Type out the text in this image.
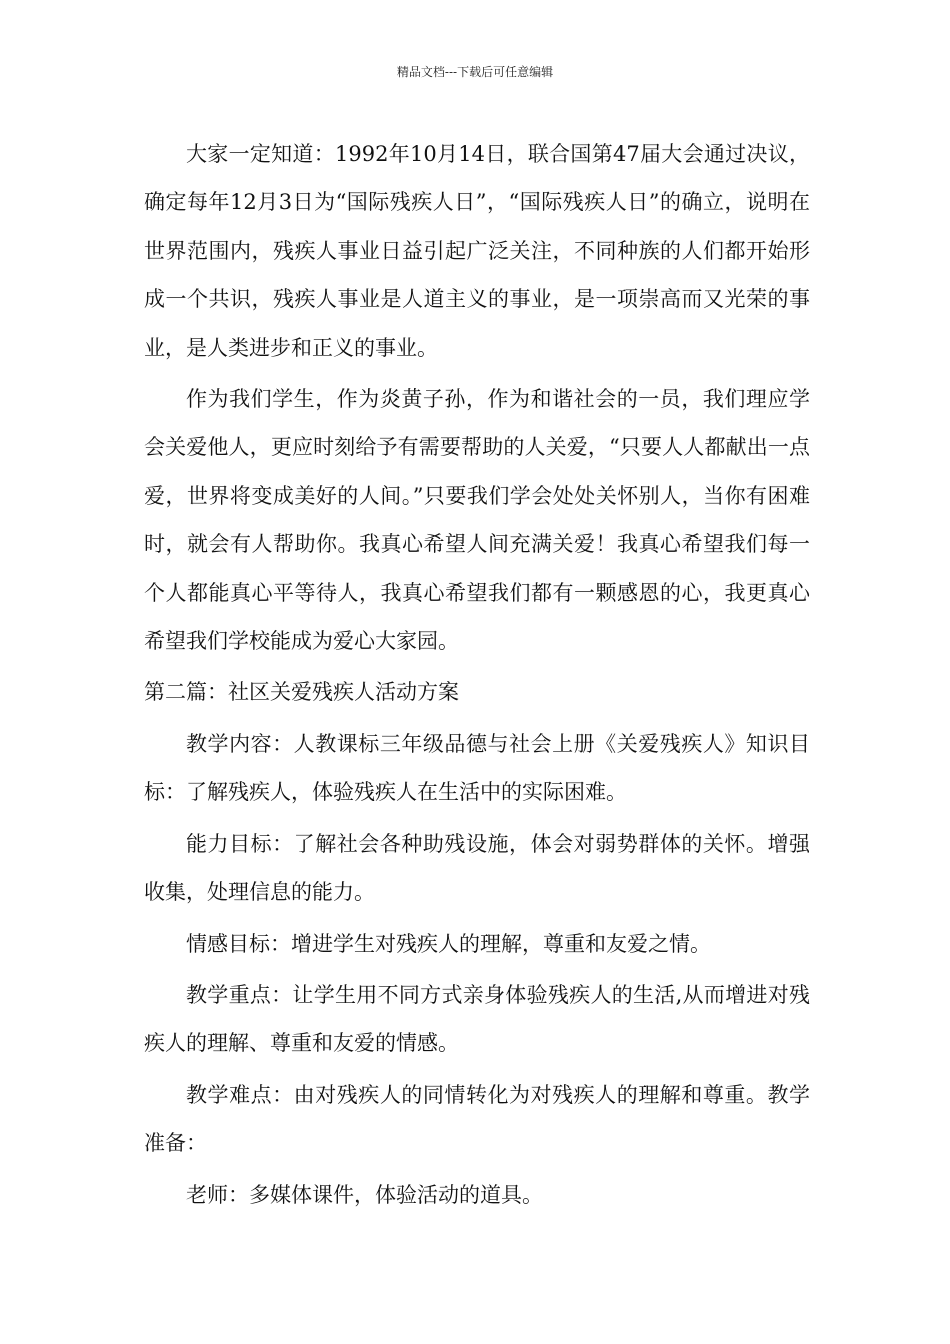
精品文档---下载后可任意编辑

大家一定知道：1992年10月14日，联合国第47届大会通过决议，确定每年12月3日为“国际残疾人日”，“国际残疾人日”的确立，说明在世界范围内，残疾人事业日益引起广泛关注，不同种族的人们都开始形成一个共识，残疾人事业是人道主义的事业，是一项崇高而又光荣的事业，是人类进步和正义的事业。

作为我们学生，作为炎黄子孙，作为和谐社会的一员，我们理应学会关爱他人，更应时刻给予有需要帮助的人关爱，“只要人人都献出一点爱，世界将变成美好的人间。”只要我们学会处处关怀别人，当你有困难时，就会有人帮助你。我真心希望人间充满关爱！我真心希望我们每一个人都能真心平等待人，我真心希望我们都有一颗感恩的心，我更真心希望我们学校能成为爱心大家园。

第二篇：社区关爱残疾人活动方案

教学内容：人教课标三年级品德与社会上册《关爱残疾人》知识目标：了解残疾人，体验残疾人在生活中的实际困难。

能力目标：了解社会各种助残设施，体会对弱势群体的关怀。增强收集，处理信息的能力。

情感目标：增进学生对残疾人的理解，尊重和友爱之情。

教学重点：让学生用不同方式亲身体验残疾人的生活,从而增进对残疾人的理解、尊重和友爱的情感。

教学难点：由对残疾人的同情转化为对残疾人的理解和尊重。教学准备：

老师：多媒体课件，体验活动的道具。
